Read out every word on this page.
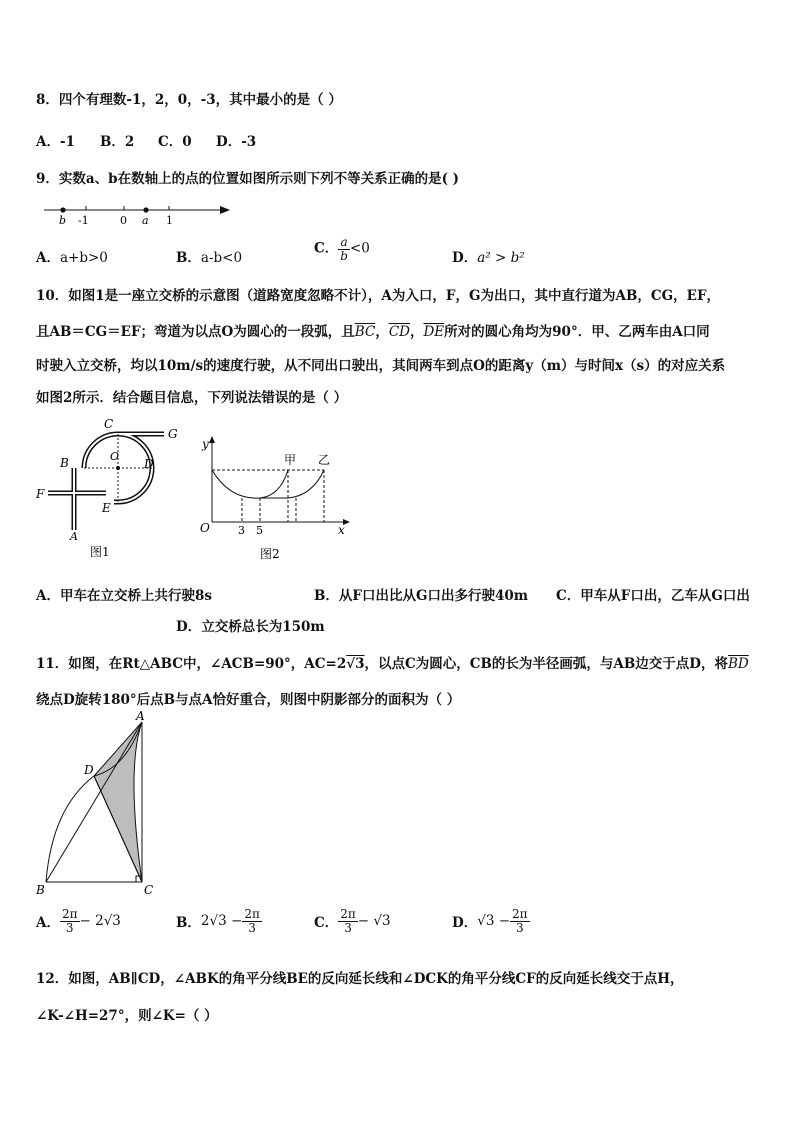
8．四个有理数-1，2，0，-3，其中最小的是（ ）
A．-1 B．2 C．0 D．-3
9．实数a、b在数轴上的点的位置如图所示则下列不等关系正确的是( )
b -1	0 a 1
A．a+b>0	B．a-b<0
C． $\frac{a}{b} <0$
D．a² > b²
10．如图1是一座立交桥的示意图（道路宽度忽略不计），A为入口，F，G为出口，其中直行道为AB，CG，EF，
且AB＝CG＝EF；弯道为以点O为圆心的一段弧，且$\overline{BC}$，$\overline{CD}$，$\overline{DE}$所对的圆心角均为90°．甲、乙两车由A口同
时驶入立交桥，均以10m/s的速度行驶，从不同出口驶出，其间两车到点O的距离y（m）与时间x（s）的对应关系
如图2所示．结合题目信息，下列说法错误的是（ ）
C
G
O
B	D
F
E
A
图1
y
甲 乙
O	3 5	x
图2
A．甲车在立交桥上共行驶8s	B．从F口出比从G口出多行驶40m C．甲车从F口出，乙车从G口出
D．立交桥总长为150m
11．如图，在Rt△ABC中，∠ACB=90°，AC=2√3，以点C为圆心，CB的长为半径画弧，与AB边交于点D，将$\overline{BD}$
绕点D旋转180°后点B与点A恰好重合，则图中阴影部分的面积为（ ）
A
D
B	C
A． $\frac{2\pi}{3} - 2√3$	B．$2√3 - \frac{2\pi}{3}$	C． $\frac{2\pi}{3} - √3$	D．$√3 - \frac{2\pi}{3}$
12．如图，AB∥CD，∠ABK的角平分线BE的反向延长线和∠DCK的角平分线CF的反向延长线交于点H，
∠K-∠H=27°，则∠K=（ ）
